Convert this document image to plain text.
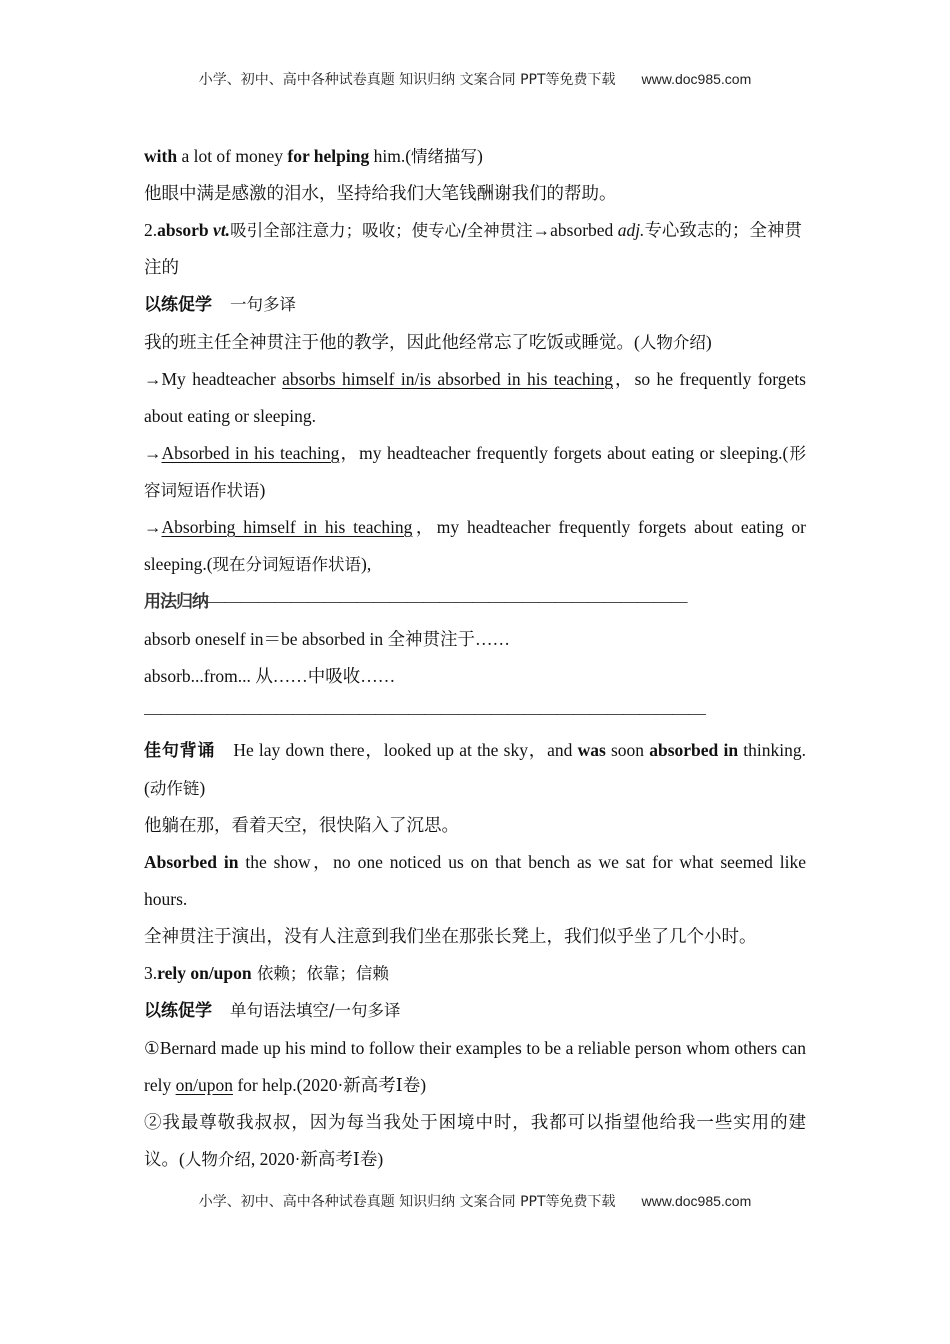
小学、初中、高中各种试卷真题 知识归纳 文案合同 PPT等免费下载 www.doc985.com

with a lot of money for helping him.(情绪描写)

他眼中满是感激的泪水，坚持给我们大笔钱酬谢我们的帮助。

2.absorb vt.吸引全部注意力；吸收；使专心/全神贯注→absorbed adj.专心致志的；全神贯注的

以练促学 一句多译

我的班主任全神贯注于他的教学，因此他经常忘了吃饭或睡觉。(人物介绍)

→My headteacher absorbs himself in/is absorbed in his teaching，so he frequently forgets about eating or sleeping.

→Absorbed in his teaching，my headteacher frequently forgets about eating or sleeping.(形容词短语作状语)

→Absorbing himself in his teaching，my headteacher frequently forgets about eating or sleeping.(现在分词短语作状语),

用法归纳—————————————————————————————

absorb oneself in＝be absorbed in 全神贯注于……

absorb...from... 从……中吸收……

——————————————————————————————————

佳句背诵 He lay down there，looked up at the sky，and was soon absorbed in thinking.(动作链)

他躺在那，看着天空，很快陷入了沉思。

Absorbed in the show，no one noticed us on that bench as we sat for what seemed like hours.

全神贯注于演出，没有人注意到我们坐在那张长凳上，我们似乎坐了几个小时。

3.rely on/upon 依赖；依靠；信赖

以练促学 单句语法填空/一句多译

①Bernard made up his mind to follow their examples to be a reliable person whom others can rely on/upon for help.(2020·新高考Ⅰ卷)

②我最尊敬我叔叔，因为每当我处于困境中时，我都可以指望他给我一些实用的建议。(人物介绍, 2020·新高考Ⅰ卷)

小学、初中、高中各种试卷真题 知识归纳 文案合同 PPT等免费下载 www.doc985.com
